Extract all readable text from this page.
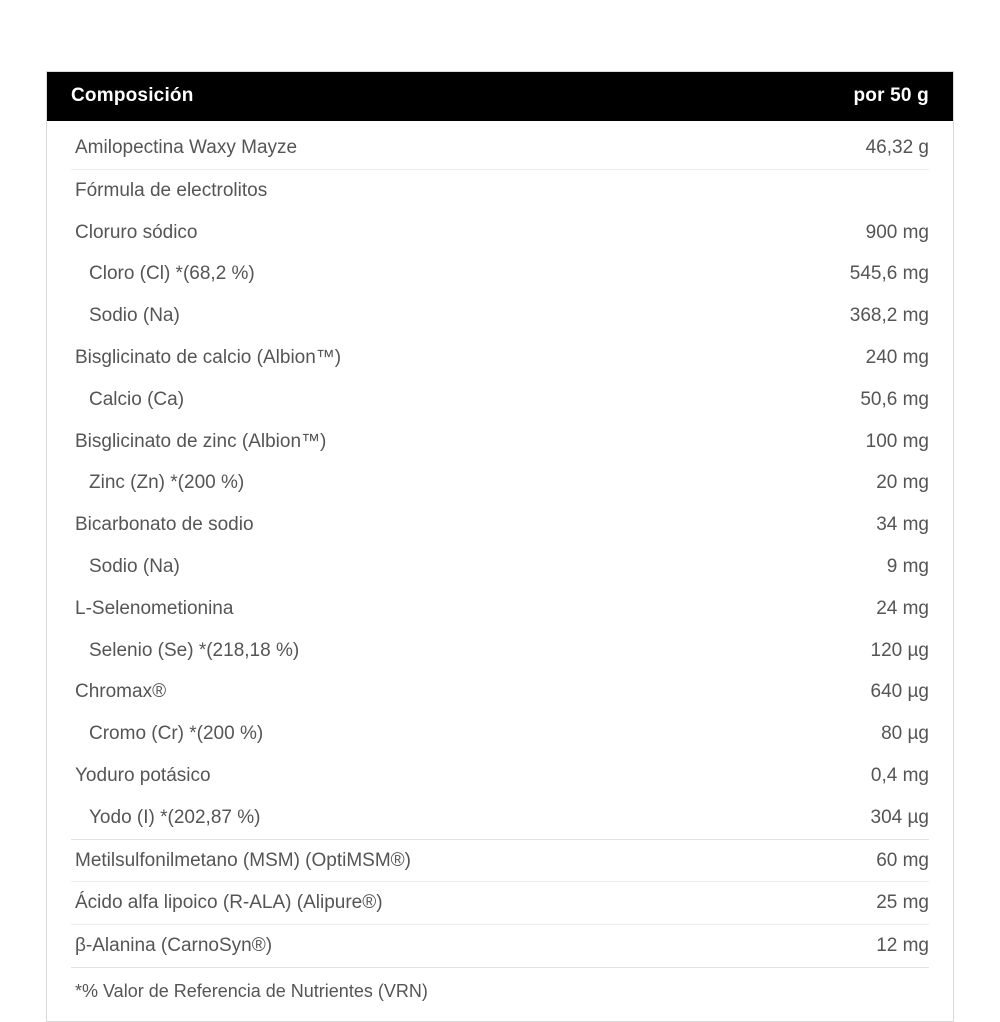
Composición	por 50 g
Amilopectina Waxy Mayze	46,32 g
Fórmula de electrolitos
Cloruro sódico	900 mg
Cloro (Cl) *(68,2 %)	545,6 mg
Sodio (Na)	368,2 mg
Bisglicinato de calcio (Albion™)	240 mg
Calcio (Ca)	50,6 mg
Bisglicinato de zinc (Albion™)	100 mg
Zinc (Zn) *(200 %)	20 mg
Bicarbonato de sodio	34 mg
Sodio (Na)	9 mg
L-Selenometionina	24 mg
Selenio (Se) *(218,18 %)	120 µg
Chromax®	640 µg
Cromo (Cr) *(200 %)	80 µg
Yoduro potásico	0,4 mg
Yodo (I) *(202,87 %)	304 µg
Metilsulfonilmetano (MSM) (OptiMSM®)	60 mg
Ácido alfa lipoico (R-ALA) (Alipure®)	25 mg
β-Alanina (CarnoSyn®)	12 mg
*% Valor de Referencia de Nutrientes (VRN)
